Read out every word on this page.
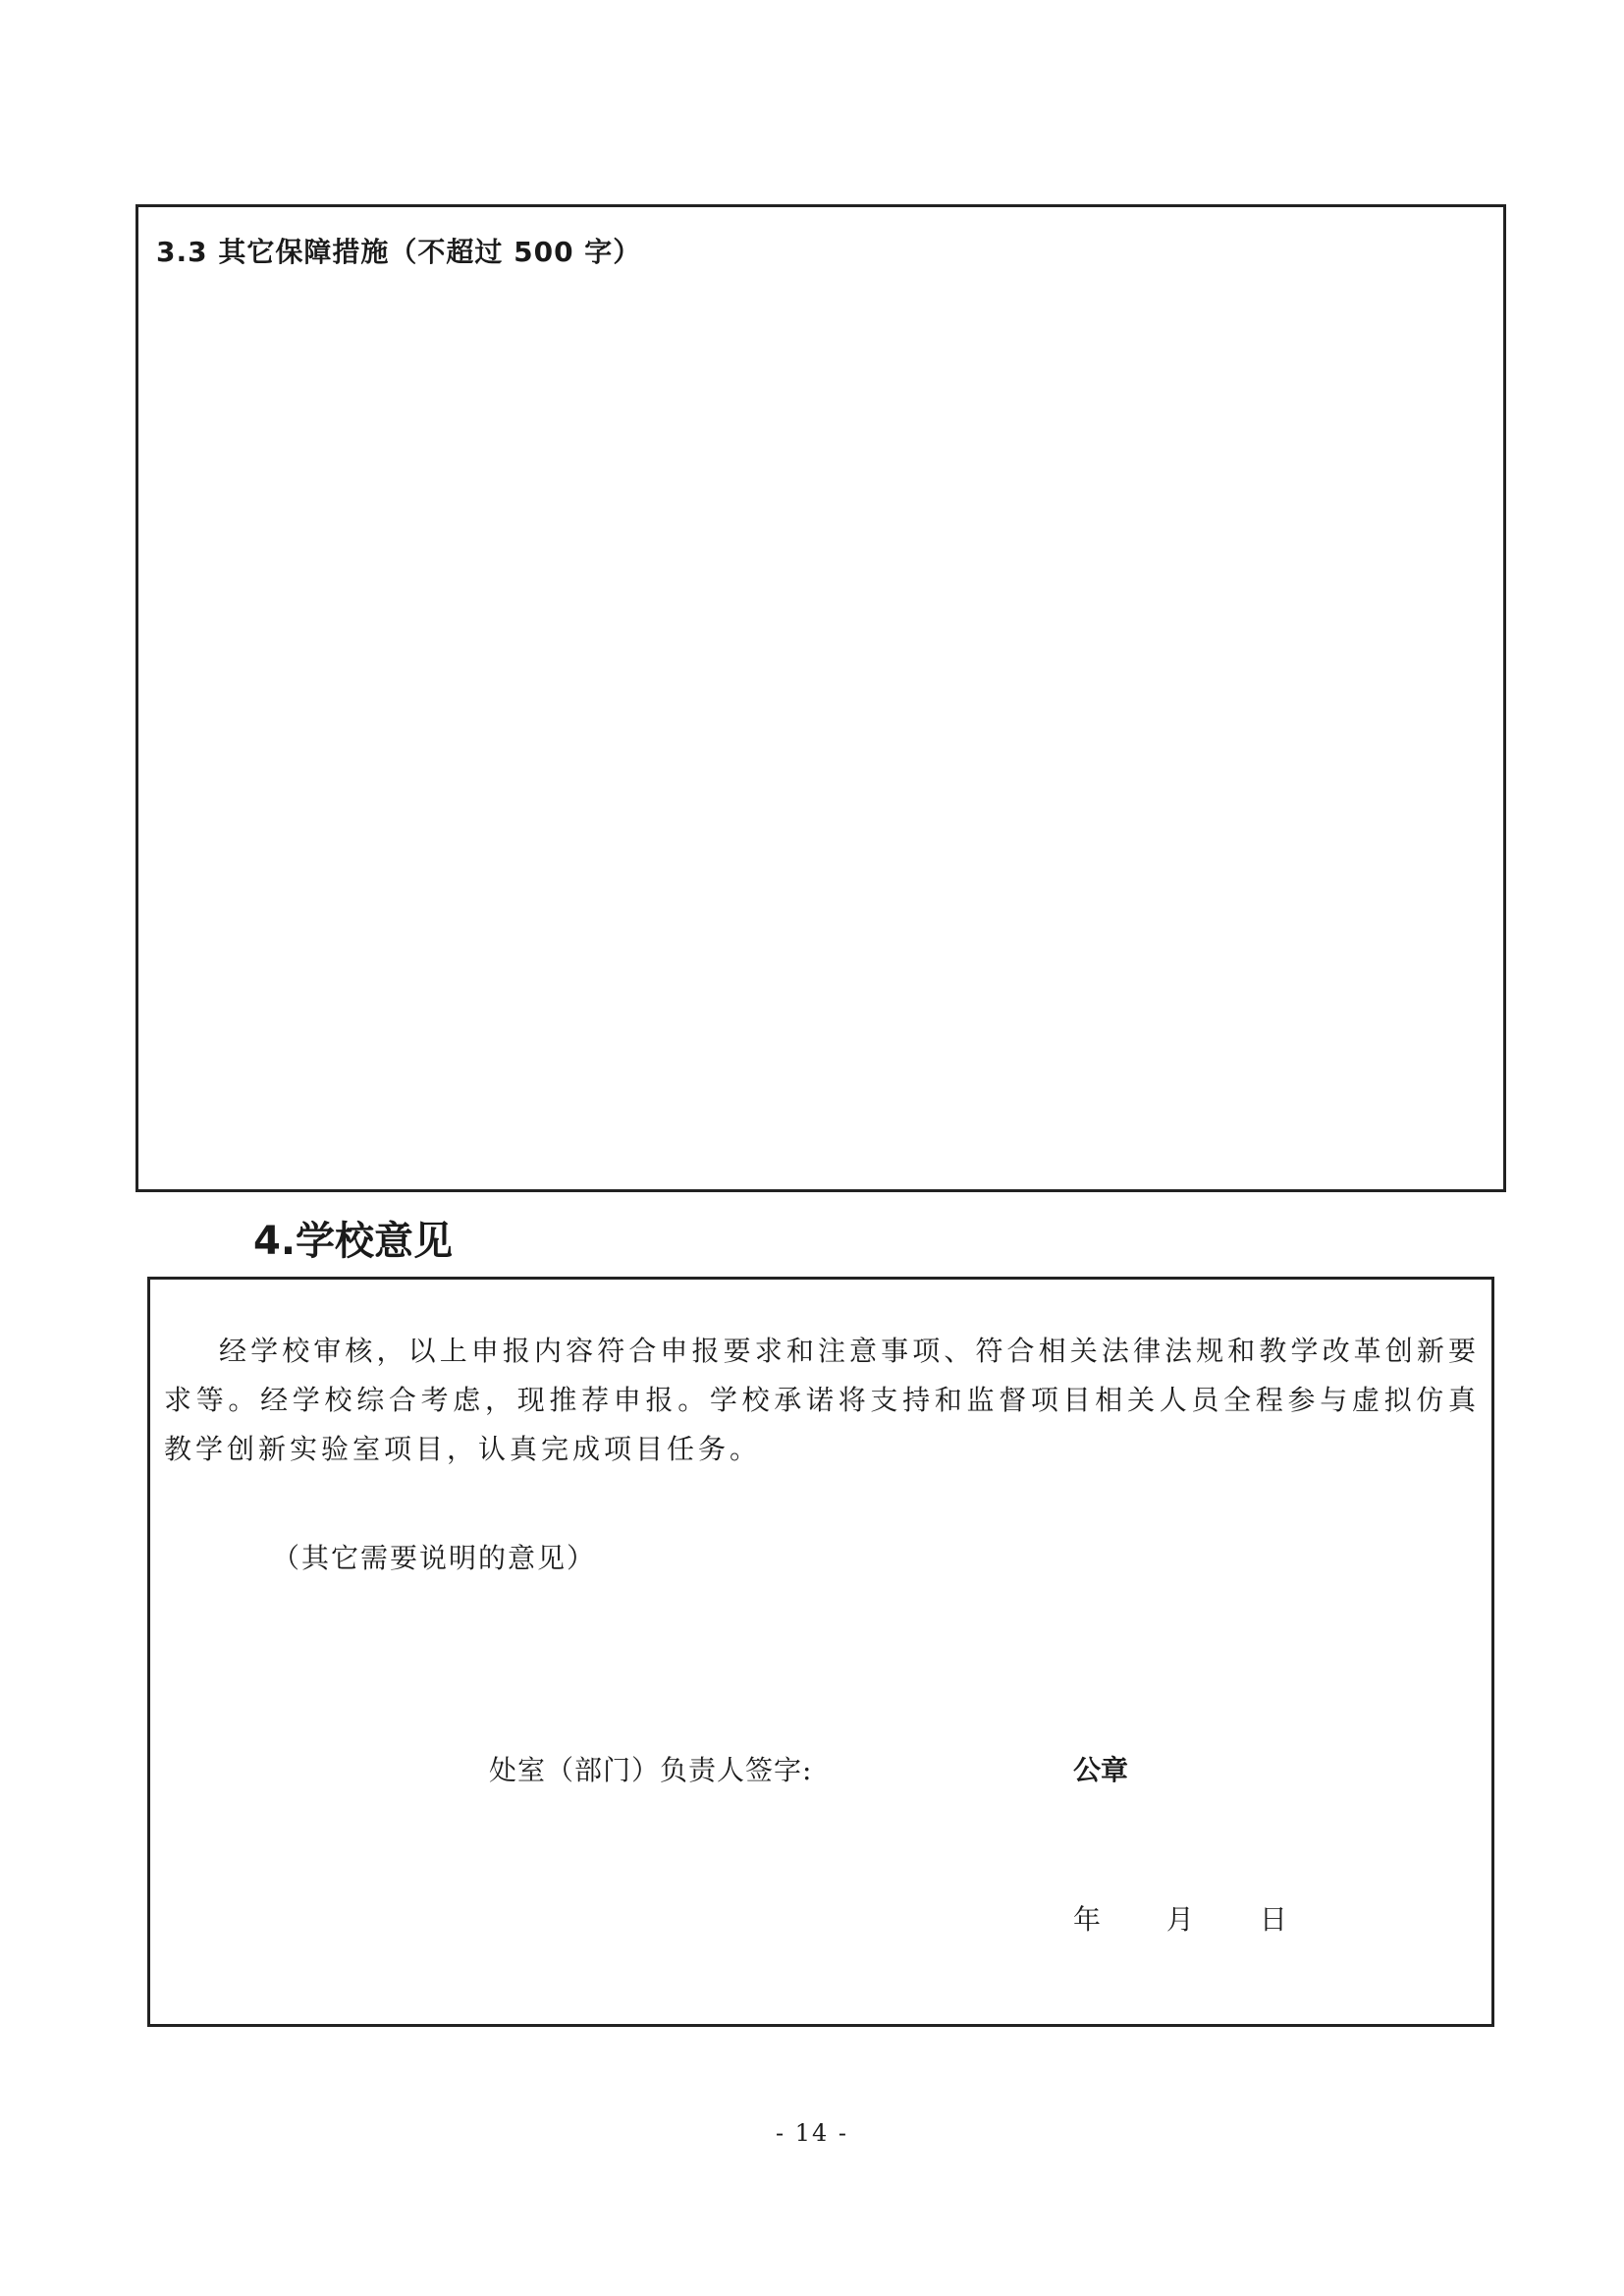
3.3 其它保障措施（不超过 500 字）
4.学校意见
经学校审核，以上申报内容符合申报要求和注意事项、符合相关法律法规和教学改革创新要求等。经学校综合考虑，现推荐申报。学校承诺将支持和监督项目相关人员全程参与虚拟仿真教学创新实验室项目，认真完成项目任务。
（其它需要说明的意见）
处室（部门）负责人签字:	公章
年 月 日
- 14 -
